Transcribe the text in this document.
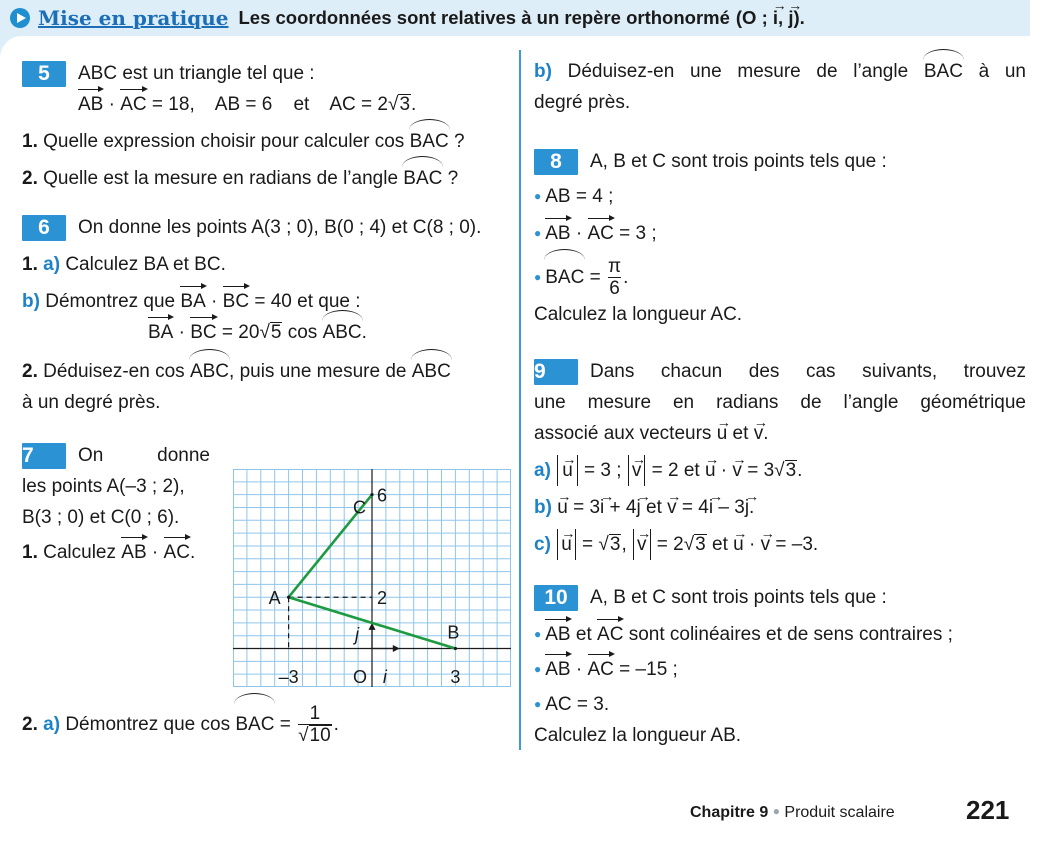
Mise en pratique Les coordonnées sont relatives à un repère orthonormé (O ; → i, → j).
5 ABC est un triangle tel que :
AB · AC = 18,    AB = 6    et    AC = 2√3.
1. Quelle expression choisir pour calculer cos BAC ?
2. Quelle est la mesure en radians de l’angle BAC ?
6 On donne les points A(3 ; 0), B(0 ; 4) et C(8 ; 0).
1. a) Calculez BA et BC.
b) Démontrez que BA · BC = 40 et que :
BA · BC = 20√5 cos ABC.
2. Déduisez-en cos ABC, puis une mesure de ABC
à un degré près.
7 On donne
les points A(–3 ; 2),
B(3 ; 0) et C(0 ; 6).
1. Calculez AB · AC.
2. a) Démontrez que cos BAC = $\frac{1}{√10}$ .
A
B
C
O i
j
–3	3
2
6
b) Déduisez-en une mesure de l’angle BAC à un
degré près.
8 A, B et C sont trois points tels que :
● AB = 4 ;
● AB · AC = 3 ;
● BAC = $\frac{\pi}{6}$ .
Calculez la longueur AC.
9 Dans chacun des cas suivants, trouvez
une mesure en radians de l’angle géométrique
associé aux vecteurs → u et → v.
a) → u = 3 ; → v = 2 et → u · → v = 3√3.
b) → u = 3→ i + 4→ j et → v = 4→ i – 3→ j.
c) → u = √3, → v = 2√3 et → u · → v = –3.
10 A, B et C sont trois points tels que :
● AB et AC sont colinéaires et de sens contraires ;
● AB · AC = –15 ;
● AC = 3.
Calculez la longueur AB.
Chapitre 9 ● Produit scalaire	221
